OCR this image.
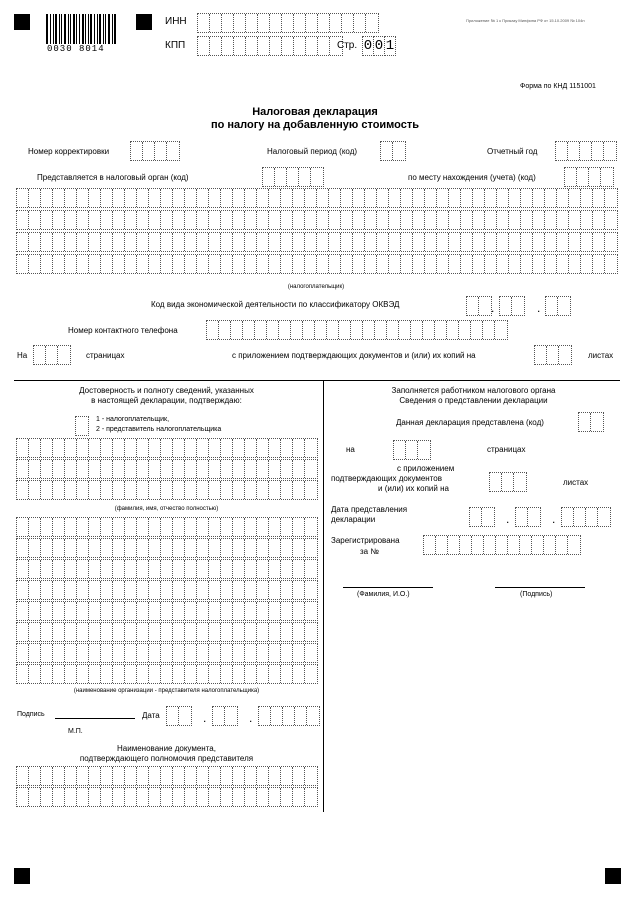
0030 8014
ИНН
КПП	Стр. 0 0 1
Приложение № 1 к Приказу Минфина РФ от 15.10.2009 № 104н
Форма по КНД 1151001
Налоговая декларация
по налогу на добавленную стоимость
Номер корректировки	Налоговый период (код)	Отчетный год
Представляется в налоговый орган (код)	по месту нахождения (учета) (код)
(налогоплательщик)
Код вида экономической деятельности по классификатору ОКВЭД	.	.
Номер контактного телефона
На	страницах	с приложением подтверждающих документов и (или) их копий на	листах
Достоверность и полноту сведений, указанных
в настоящей декларации, подтверждаю:
1 - налогоплательщик,
2 - представитель налогоплательщика
(фамилия, имя, отчество полностью)
(наименование организации - представителя налогоплательщика)
Подпись	Дата	.	.
М.П.
Наименование документа,
подтверждающего полномочия представителя
Заполняется работником налогового органа
Сведения о представлении декларации
Данная декларация представлена (код)
на	страницах
с приложением
подтверждающих документов
и (или) их копий на
листах
Дата представления
декларации	.	.
Зарегистрирована
за №
(Фамилия, И.О.)	(Подпись)
